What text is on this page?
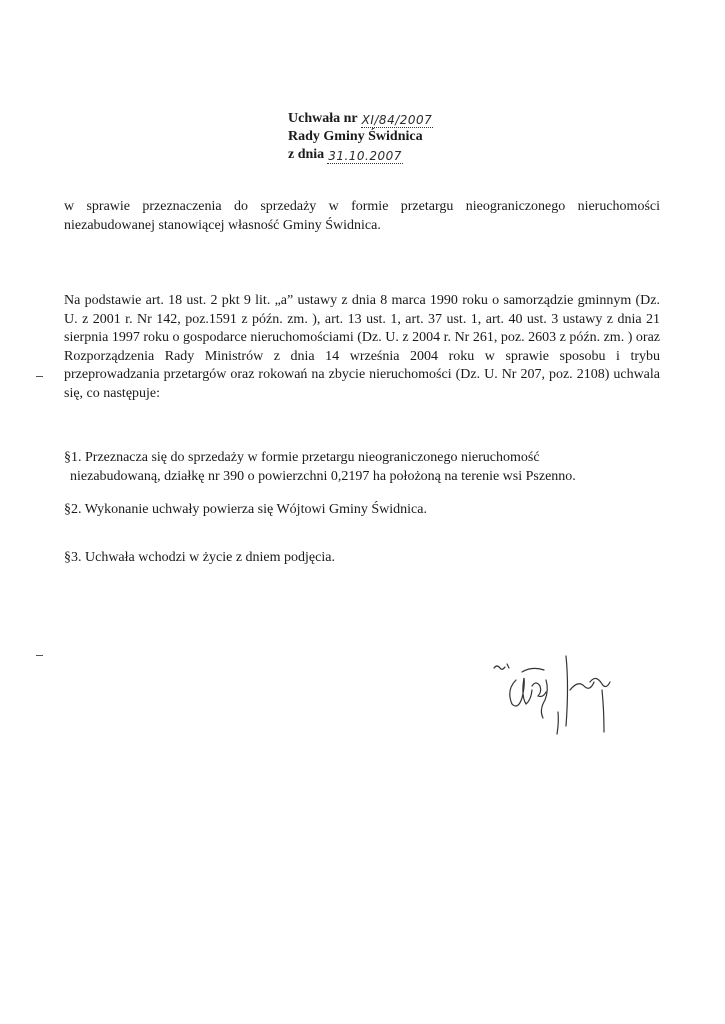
Uchwała nr XI/84/2007
Rady Gminy Świdnica
z dnia 31.10.2007
w sprawie przeznaczenia do sprzedaży w formie przetargu nieograniczonego nieruchomości niezabudowanej stanowiącej własność Gminy Świdnica.
Na podstawie art. 18 ust. 2 pkt 9 lit. „a” ustawy z dnia 8 marca 1990 roku o samorządzie gminnym (Dz. U. z 2001 r. Nr 142, poz.1591 z późn. zm. ), art. 13 ust. 1, art. 37 ust. 1, art. 40 ust. 3 ustawy z dnia 21 sierpnia 1997 roku o gospodarce nieruchomościami (Dz. U. z 2004 r. Nr 261, poz. 2603 z późn. zm. ) oraz Rozporządzenia Rady Ministrów z dnia 14 września 2004 roku w sprawie sposobu i trybu przeprowadzania przetargów oraz rokowań na zbycie nieruchomości (Dz. U. Nr 207, poz. 2108) uchwala się, co następuje:
§1. Przeznacza się do sprzedaży w formie przetargu nieograniczonego nieruchomość
niezabudowaną, działkę nr 390 o powierzchni 0,2197 ha położoną na terenie wsi Pszenno.
§2. Wykonanie uchwały powierza się Wójtowi Gminy Świdnica.
§3. Uchwała wchodzi w życie z dniem podjęcia.
